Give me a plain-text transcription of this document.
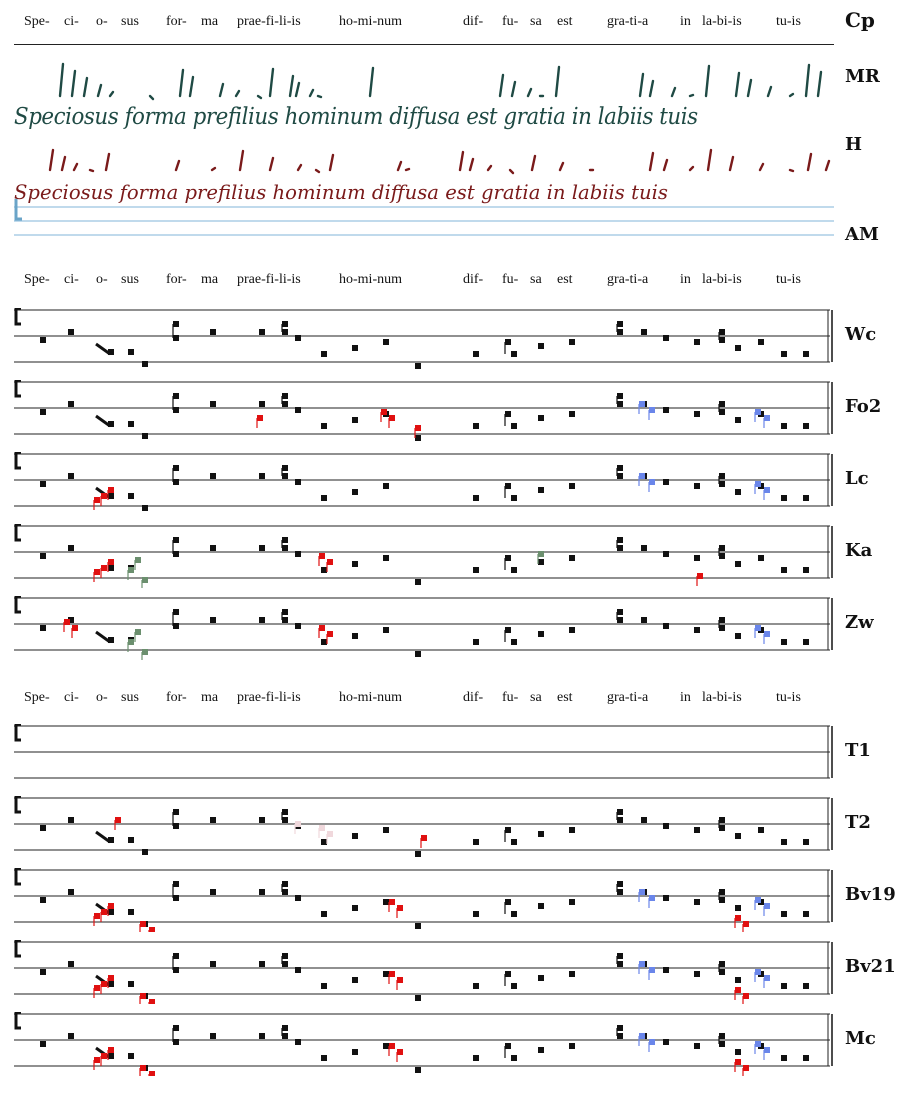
Spe- ci- o- sus for- ma prae-fi-li-is	ho-mi-num	dif- fu- sa est gra-ti-a in la-bi-is tu-is Cp
MR
Speciosus forma prefilius hominum diffusa est gratia in labiis tuis
H
Speciosus forma prefilius hominum diffusa est gratia in labiis tuis
AM
Spe- ci- o- sus for- ma prae-fi-li-is	ho-mi-num	dif- fu- sa est gra-ti-a in la-bi-is tu-is
Wc
Fo2
Lc
Ka
Zw
T1
T2
Bv19
Bv21
Mc
Spe- ci- o- sus for- ma prae-fi-li-is	ho-mi-num	dif- fu- sa est gra-ti-a in la-bi-is tu-is
